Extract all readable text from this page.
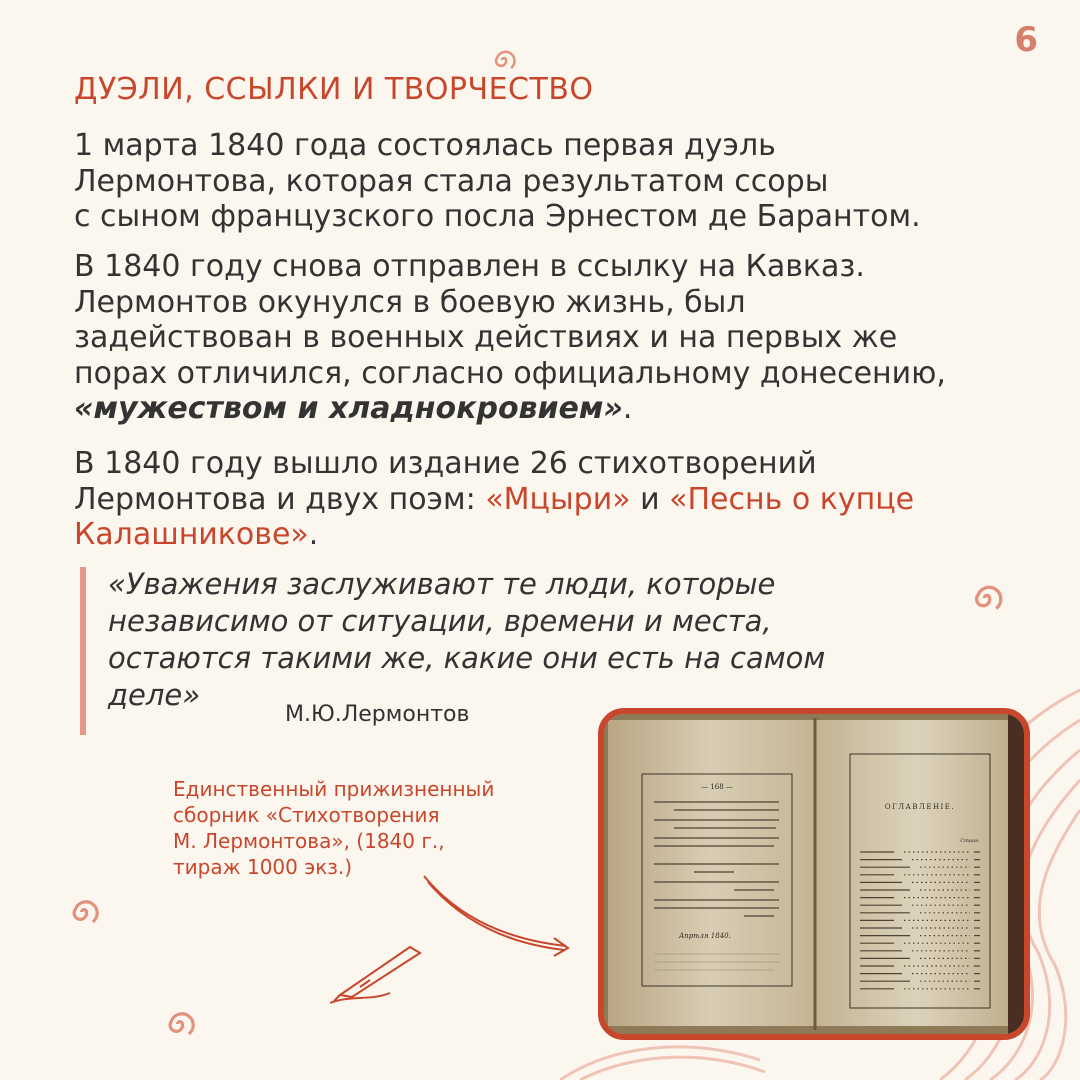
6
ДУЭЛИ, ССЫЛКИ И ТВОРЧЕСТВО
1 марта 1840 года состоялась первая дуэль
Лермонтова, которая стала результатом ссоры
с сыном французского посла Эрнестом де Барантом.
В 1840 году снова отправлен в ссылку на Кавказ.
Лермонтов окунулся в боевую жизнь, был
задействован в военных действиях и на первых же
порах отличился, согласно официальному донесению,
«мужеством и хладнокровием».
В 1840 году вышло издание 26 стихотворений
Лермонтова и двух поэм: «Мцыри» и «Песнь о купце
Калашникове».
«Уважения заслуживают те люди, которые
независимо от ситуации, времени и места,
остаются такими же, какие они есть на самом
деле»
М.Ю.Лермонтов
Единственный прижизненный
сборник «Стихотворения
М. Лермонтова», (1840 г.,
тираж 1000 экз.)
— 168 —
Апрѣля 1840.
ОГЛАВЛЕНІЕ.
Стран.
